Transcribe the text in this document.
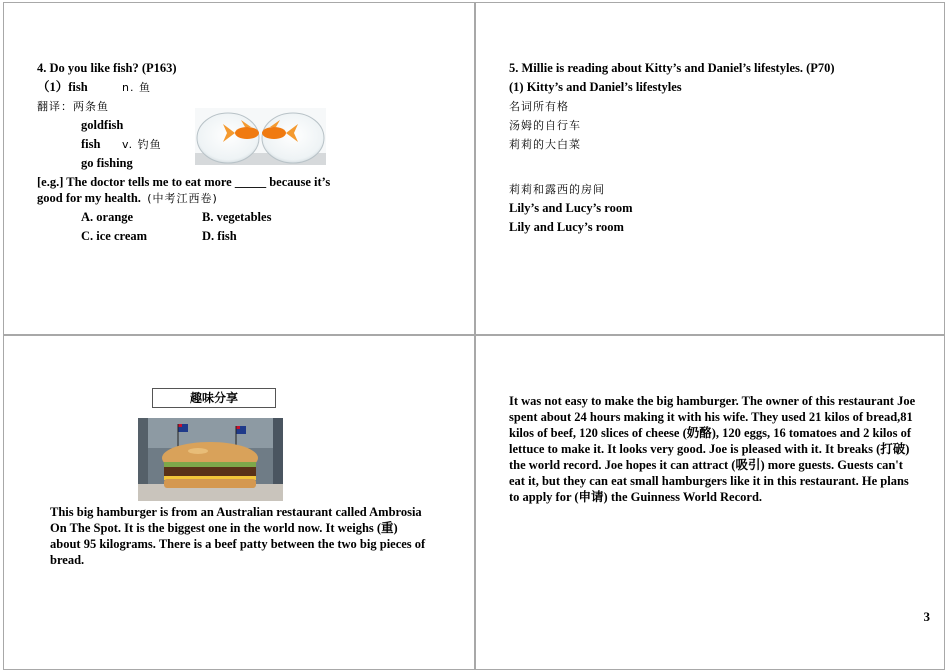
4. Do you like fish? (P163)
（1）fish	n. 鱼
翻译：两条鱼
goldfish
fish v. 钓鱼
go fishing
[e.g.] The doctor tells me to eat more _____ because it’s
good for my health. (中考江西卷)
A. orange	B. vegetables
C. ice cream	D. fish
5. Millie is reading about Kitty’s and Daniel’s lifestyles. (P70)
(1) Kitty’s and Daniel’s lifestyles
名词所有格
汤姆的自行车
莉莉的大白菜
莉莉和露西的房间
Lily’s and Lucy’s room
Lily and Lucy’s room
趣味分享
This big hamburger is from an Australian restaurant called Ambrosia On The Spot. It is the biggest one in the world now. It weighs (重) about 95 kilograms. There is a beef patty between the two big pieces of bread.
It was not easy to make the big hamburger. The owner of this restaurant Joe spent about 24 hours making it with his wife. They used 21 kilos of bread,81 kilos of beef, 120 slices of cheese (奶酪), 120 eggs, 16 tomatoes and 2 kilos of lettuce to make it. It looks very good. Joe is pleased with it. It breaks (打破) the world record. Joe hopes it can attract (吸引) more guests. Guests can't eat it, but they can eat small hamburgers like it in this restaurant. He plans to apply for (申请) the Guinness World Record.
3
